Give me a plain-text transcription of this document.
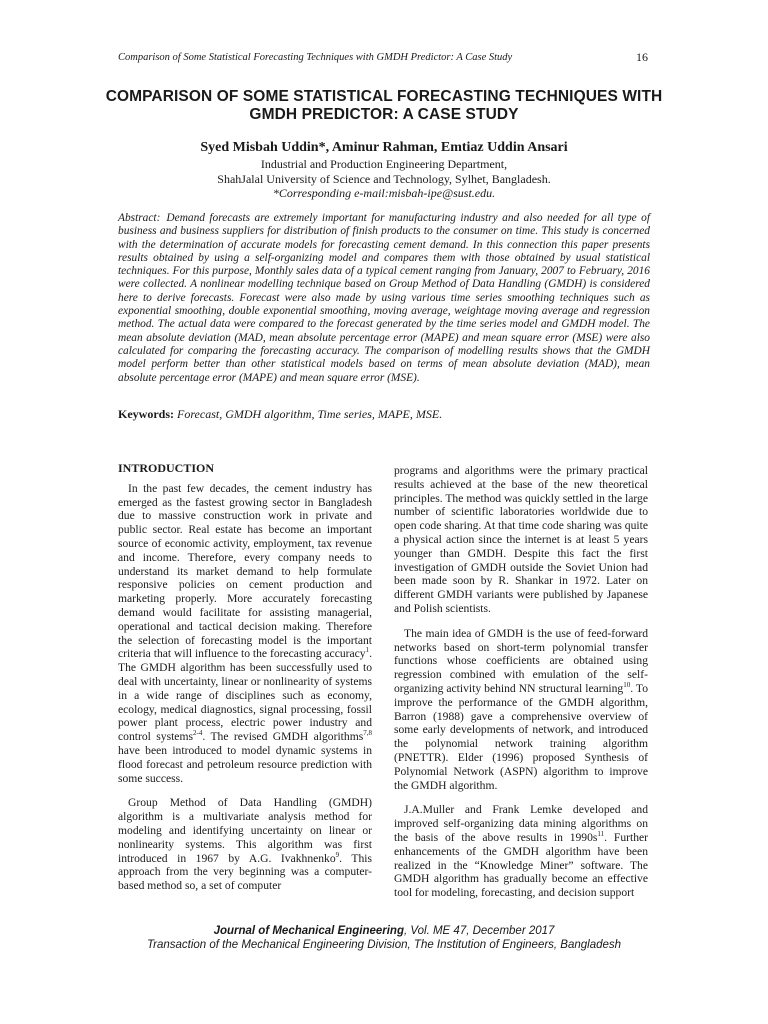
Comparison of Some Statistical Forecasting Techniques with GMDH Predictor: A Case Study	16
COMPARISON OF SOME STATISTICAL FORECASTING TECHNIQUES WITH
GMDH PREDICTOR: A CASE STUDY
Syed Misbah Uddin*, Aminur Rahman, Emtiaz Uddin Ansari
Industrial and Production Engineering Department,
ShahJalal University of Science and Technology, Sylhet, Bangladesh.
*Corresponding e-mail:misbah-ipe@sust.edu.
Abstract: Demand forecasts are extremely important for manufacturing industry and also needed for all type of business and business suppliers for distribution of finish products to the consumer on time. This study is concerned with the determination of accurate models for forecasting cement demand. In this connection this paper presents results obtained by using a self-organizing model and compares them with those obtained by usual statistical techniques. For this purpose, Monthly sales data of a typical cement ranging from January, 2007 to February, 2016 were collected. A nonlinear modelling technique based on Group Method of Data Handling (GMDH) is considered here to derive forecasts. Forecast were also made by using various time series smoothing techniques such as exponential smoothing, double exponential smoothing, moving average, weightage moving average and regression method. The actual data were compared to the forecast generated by the time series model and GMDH model. The mean absolute deviation (MAD, mean absolute percentage error (MAPE) and mean square error (MSE) were also calculated for comparing the forecasting accuracy. The comparison of modelling results shows that the GMDH model perform better than other statistical models based on terms of mean absolute deviation (MAD), mean absolute percentage error (MAPE) and mean square error (MSE).
Keywords: Forecast, GMDH algorithm, Time series, MAPE, MSE.
INTRODUCTION

In the past few decades, the cement industry has emerged as the fastest growing sector in Bangladesh due to massive construction work in private and public sector. Real estate has become an important source of economic activity, employment, tax revenue and income. Therefore, every company needs to understand its market demand to help formulate responsive policies on cement production and marketing properly. More accurately forecasting demand would facilitate for assisting managerial, operational and tactical decision making. Therefore the selection of forecasting model is the important criteria that will influence to the forecasting accuracy$^1$. The GMDH algorithm has been successfully used to deal with uncertainty, linear or nonlinearity of systems in a wide range of disciplines such as economy, ecology, medical diagnostics, signal processing, fossil power plant process, electric power industry and control systems$^{2-4}$. The revised GMDH algorithms$^{7,8}$ have been introduced to model dynamic systems in flood forecast and petroleum resource prediction with some success.

Group Method of Data Handling (GMDH) algorithm is a multivariate analysis method for modeling and identifying uncertainty on linear or nonlinearity systems. This algorithm was first introduced in 1967 by A.G. Ivakhnenko$^9$. This approach from the very beginning was a computer-based method so, a set of computer

programs and algorithms were the primary practical results achieved at the base of the new theoretical principles. The method was quickly settled in the large number of scientific laboratories worldwide due to open code sharing. At that time code sharing was quite a physical action since the internet is at least 5 years younger than GMDH. Despite this fact the first investigation of GMDH outside the Soviet Union had been made soon by R. Shankar in 1972. Later on different GMDH variants were published by Japanese and Polish scientists.

The main idea of GMDH is the use of feed-forward networks based on short-term polynomial transfer functions whose coefficients are obtained using regression combined with emulation of the self-organizing activity behind NN structural learning$^{10}$. To improve the performance of the GMDH algorithm, Barron (1988) gave a comprehensive overview of some early developments of network, and introduced the polynomial network training algorithm (PNETTR). Elder (1996) proposed Synthesis of Polynomial Network (ASPN) algorithm to improve the GMDH algorithm.

J.A.Muller and Frank Lemke developed and improved self-organizing data mining algorithms on the basis of the above results in $1990s^{11}$. Further enhancements of the GMDH algorithm have been realized in the “Knowledge Miner” software. The GMDH algorithm has gradually become an effective tool for modeling, forecasting, and decision support

Journal of Mechanical Engineering, Vol. ME 47, December 2017
Transaction of the Mechanical Engineering Division, The Institution of Engineers, Bangladesh
